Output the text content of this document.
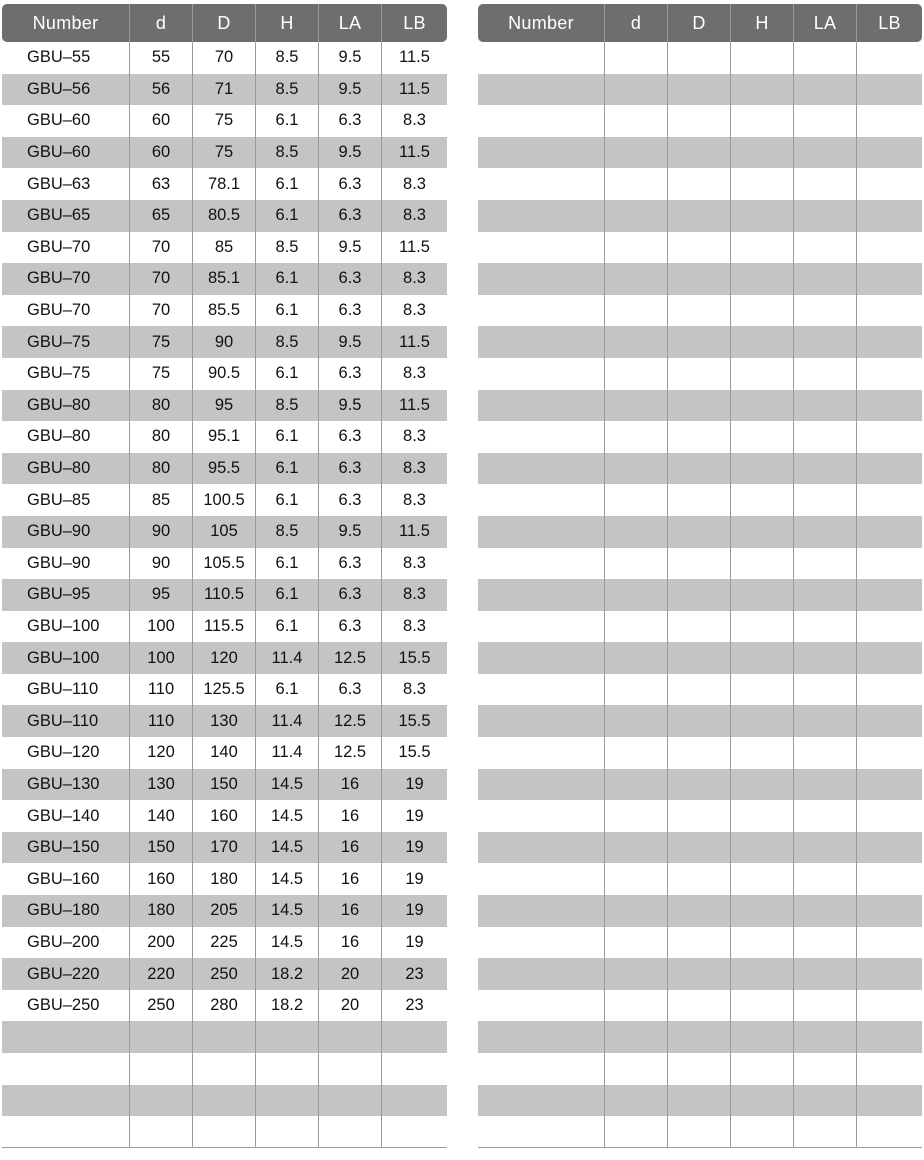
Number	d	D	H	LA	LB
GBU–55	55	70	8.5	9.5	11.5
GBU–56	56	71	8.5	9.5	11.5
GBU–60	60	75	6.1	6.3	8.3
GBU–60	60	75	8.5	9.5	11.5
GBU–63	63	78.1	6.1	6.3	8.3
GBU–65	65	80.5	6.1	6.3	8.3
GBU–70	70	85	8.5	9.5	11.5
GBU–70	70	85.1	6.1	6.3	8.3
GBU–70	70	85.5	6.1	6.3	8.3
GBU–75	75	90	8.5	9.5	11.5
GBU–75	75	90.5	6.1	6.3	8.3
GBU–80	80	95	8.5	9.5	11.5
GBU–80	80	95.1	6.1	6.3	8.3
GBU–80	80	95.5	6.1	6.3	8.3
GBU–85	85	100.5	6.1	6.3	8.3
GBU–90	90	105	8.5	9.5	11.5
GBU–90	90	105.5	6.1	6.3	8.3
GBU–95	95	110.5	6.1	6.3	8.3
GBU–100	100	115.5	6.1	6.3	8.3
GBU–100	100	120	11.4	12.5	15.5
GBU–110	110	125.5	6.1	6.3	8.3
GBU–110	110	130	11.4	12.5	15.5
GBU–120	120	140	11.4	12.5	15.5
GBU–130	130	150	14.5	16	19
GBU–140	140	160	14.5	16	19
GBU–150	150	170	14.5	16	19
GBU–160	160	180	14.5	16	19
GBU–180	180	205	14.5	16	19
GBU–200	200	225	14.5	16	19
GBU–220	220	250	18.2	20	23
GBU–250	250	280	18.2	20	23
Number	d	D	H	LA	LB
